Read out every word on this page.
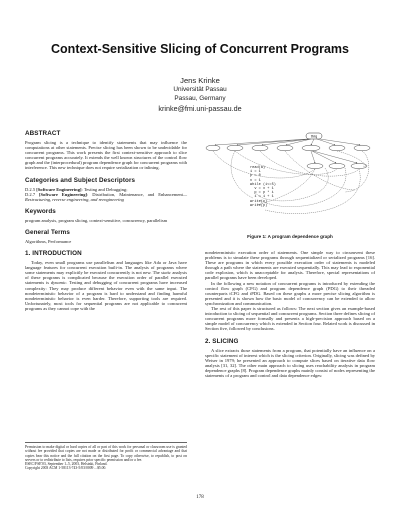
Context-Sensitive Slicing of Concurrent Programs
Jens Krinke
Universität Passau
Passau, Germany
krinke@fmi.uni-passau.de
ABSTRACT

Program slicing is a technique to identify statements that may influence the computations at other statements. Precise slicing has been shown to be undecidable for concurrent programs. This work presents the first context-sensitive approach to slice concurrent programs accurately. It extends the well known structures of the control flow graph and the (interprocedural) program dependence graph for concurrent programs with interference. This new technique does not require serialization or inlining.

Categories and Subject Descriptors

D.2.5 [Software Engineering]: Testing and Debugging;
D.2.7 [Software Engineering]: Distribution, Maintenance, and Enhancement—Restructuring, reverse engineering, and reengineering

Keywords

program analysis, program slicing, context-sensitive, concurrency, parallelism

General Terms

Algorithms, Performance

1. INTRODUCTION

Today, even small programs use parallelism and languages like Ada or Java have language features for concurrent execution built-in. The analysis of programs where some statements may explicitly be executed concurrently is not new. The static analysis of these programs is complicated because the execution order of parallel executed statements is dynamic. Testing and debugging of concurrent programs have increased complexity: They may produce different behavior even with the same input. The nondeterministic behavior of a program is hard to understand and finding harmful nondeterministic behavior is even harder. Therefore, supporting tools are required. Unfortunately, most tools for sequential programs are not applicable to concurrent programs as they cannot cope with the

Permission to make digital or hard copies of all or part of this work for personal or classroom use is granted without fee provided that copies are not made or distributed for profit or commercial advantage and that copies bear this notice and the full citation on the first page. To copy otherwise, to republish, to post on servers or to redistribute to lists, requires prior specific permission and/or a fee.

ESEC/FSE'03, September 1–5, 2003, Helsinki, Finland.

Copyright 2003 ACM 1-58113-743-5/03/0009 ...$5.00.

thrq
read(a)
i = 1
p = 0
v = 1
while (i<=5)
v = x + 1
p = p * i
i = i + 1
write(v)
write(p)
Figure 1: A program dependence graph

nondeterministic execution order of statements. One simple way to circumvent these problems is to simulate these programs through sequentialized or serialized programs [16]. These are programs in which every possible execution order of statements is modeled through a path where the statements are executed sequentially. This may lead to exponential code explosion, which is unacceptable for analysis. Therefore, special representations of parallel programs have been developed.

In the following a new notation of concurrent programs is introduced by extending the control flow graph (CFG) and program dependence graph (PDG) to their threaded counterparts tCFG and tPDG. Based on these graphs a more precise slicing algorithm is presented and it is shown how the basic model of concurrency can be extended to allow synchronization and communication.

The rest of this paper is structured as follows: The next section gives an example-based introduction to slicing of sequential and concurrent programs. Section three defines slicing of concurrent programs more formally and presents a high-precision approach based on a simple model of concurrency which is extended in Section four. Related work is discussed in Section five, followed by conclusions.

2. SLICING

A slice extracts those statements from a program, that potentially have an influence on a specific statement of interest which is the slicing criterion. Originally, slicing was defined by Weiser in 1979; he presented an approach to compute slices based on iterative data flow analysis [31, 32]. The other main approach to slicing uses reachability analysis in program dependence graphs [8]. Program dependence graphs mainly consist of nodes representing the statements of a program and control and data dependence edges:

178
